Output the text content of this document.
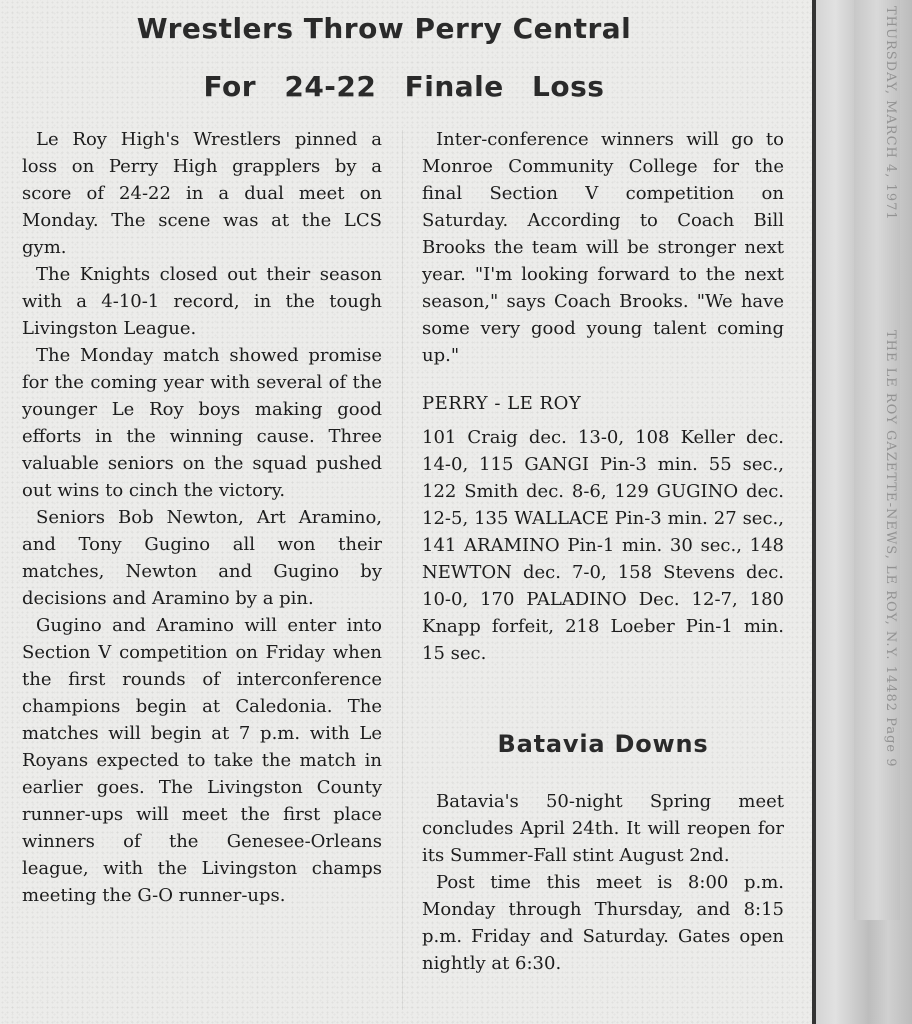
THURSDAY, MARCH 4, 1971
THE LE ROY GAZETTE-NEWS, LE ROY, N.Y. 14482 Page 9
Wrestlers Throw Perry Central
For 24-22 Finale Loss

Le Roy High's Wrestlers pinned a loss on Perry High grapplers by a score of 24-22 in a dual meet on Monday. The scene was at the LCS gym.

The Knights closed out their season with a 4-10-1 record, in the tough Livingston League.

The Monday match showed promise for the coming year with several of the younger Le Roy boys making good efforts in the winning cause. Three valuable seniors on the squad pushed out wins to cinch the victory.

Seniors Bob Newton, Art Aramino, and Tony Gugino all won their matches, Newton and Gugino by decisions and Aramino by a pin.

Gugino and Aramino will enter into Section V competition on Friday when the first rounds of interconference champions begin at Caledonia. The matches will begin at 7 p.m. with Le Royans expected to take the match in earlier goes. The Livingston County runner-ups will meet the first place winners of the Genesee-Orleans league, with the Livingston champs meeting the G-O runner-ups.

Inter-conference winners will go to Monroe Community College for the final Section V competition on Saturday. According to Coach Bill Brooks the team will be stronger next year. "I'm looking forward to the next season," says Coach Brooks. "We have some very good young talent coming up."

PERRY - LE ROY

101 Craig dec. 13-0, 108 Keller dec. 14-0, 115 GANGI Pin-3 min. 55 sec., 122 Smith dec. 8-6, 129 GUGINO dec. 12-5, 135 WALLACE Pin-3 min. 27 sec., 141 ARAMINO Pin-1 min. 30 sec., 148 NEWTON dec. 7-0, 158 Stevens dec. 10-0, 170 PALADINO Dec. 12-7, 180 Knapp forfeit, 218 Loeber Pin-1 min. 15 sec.

Batavia Downs

Batavia's 50-night Spring meet concludes April 24th. It will reopen for its Summer-Fall stint August 2nd.

Post time this meet is 8:00 p.m. Monday through Thursday, and 8:15 p.m. Friday and Saturday. Gates open nightly at 6:30.
